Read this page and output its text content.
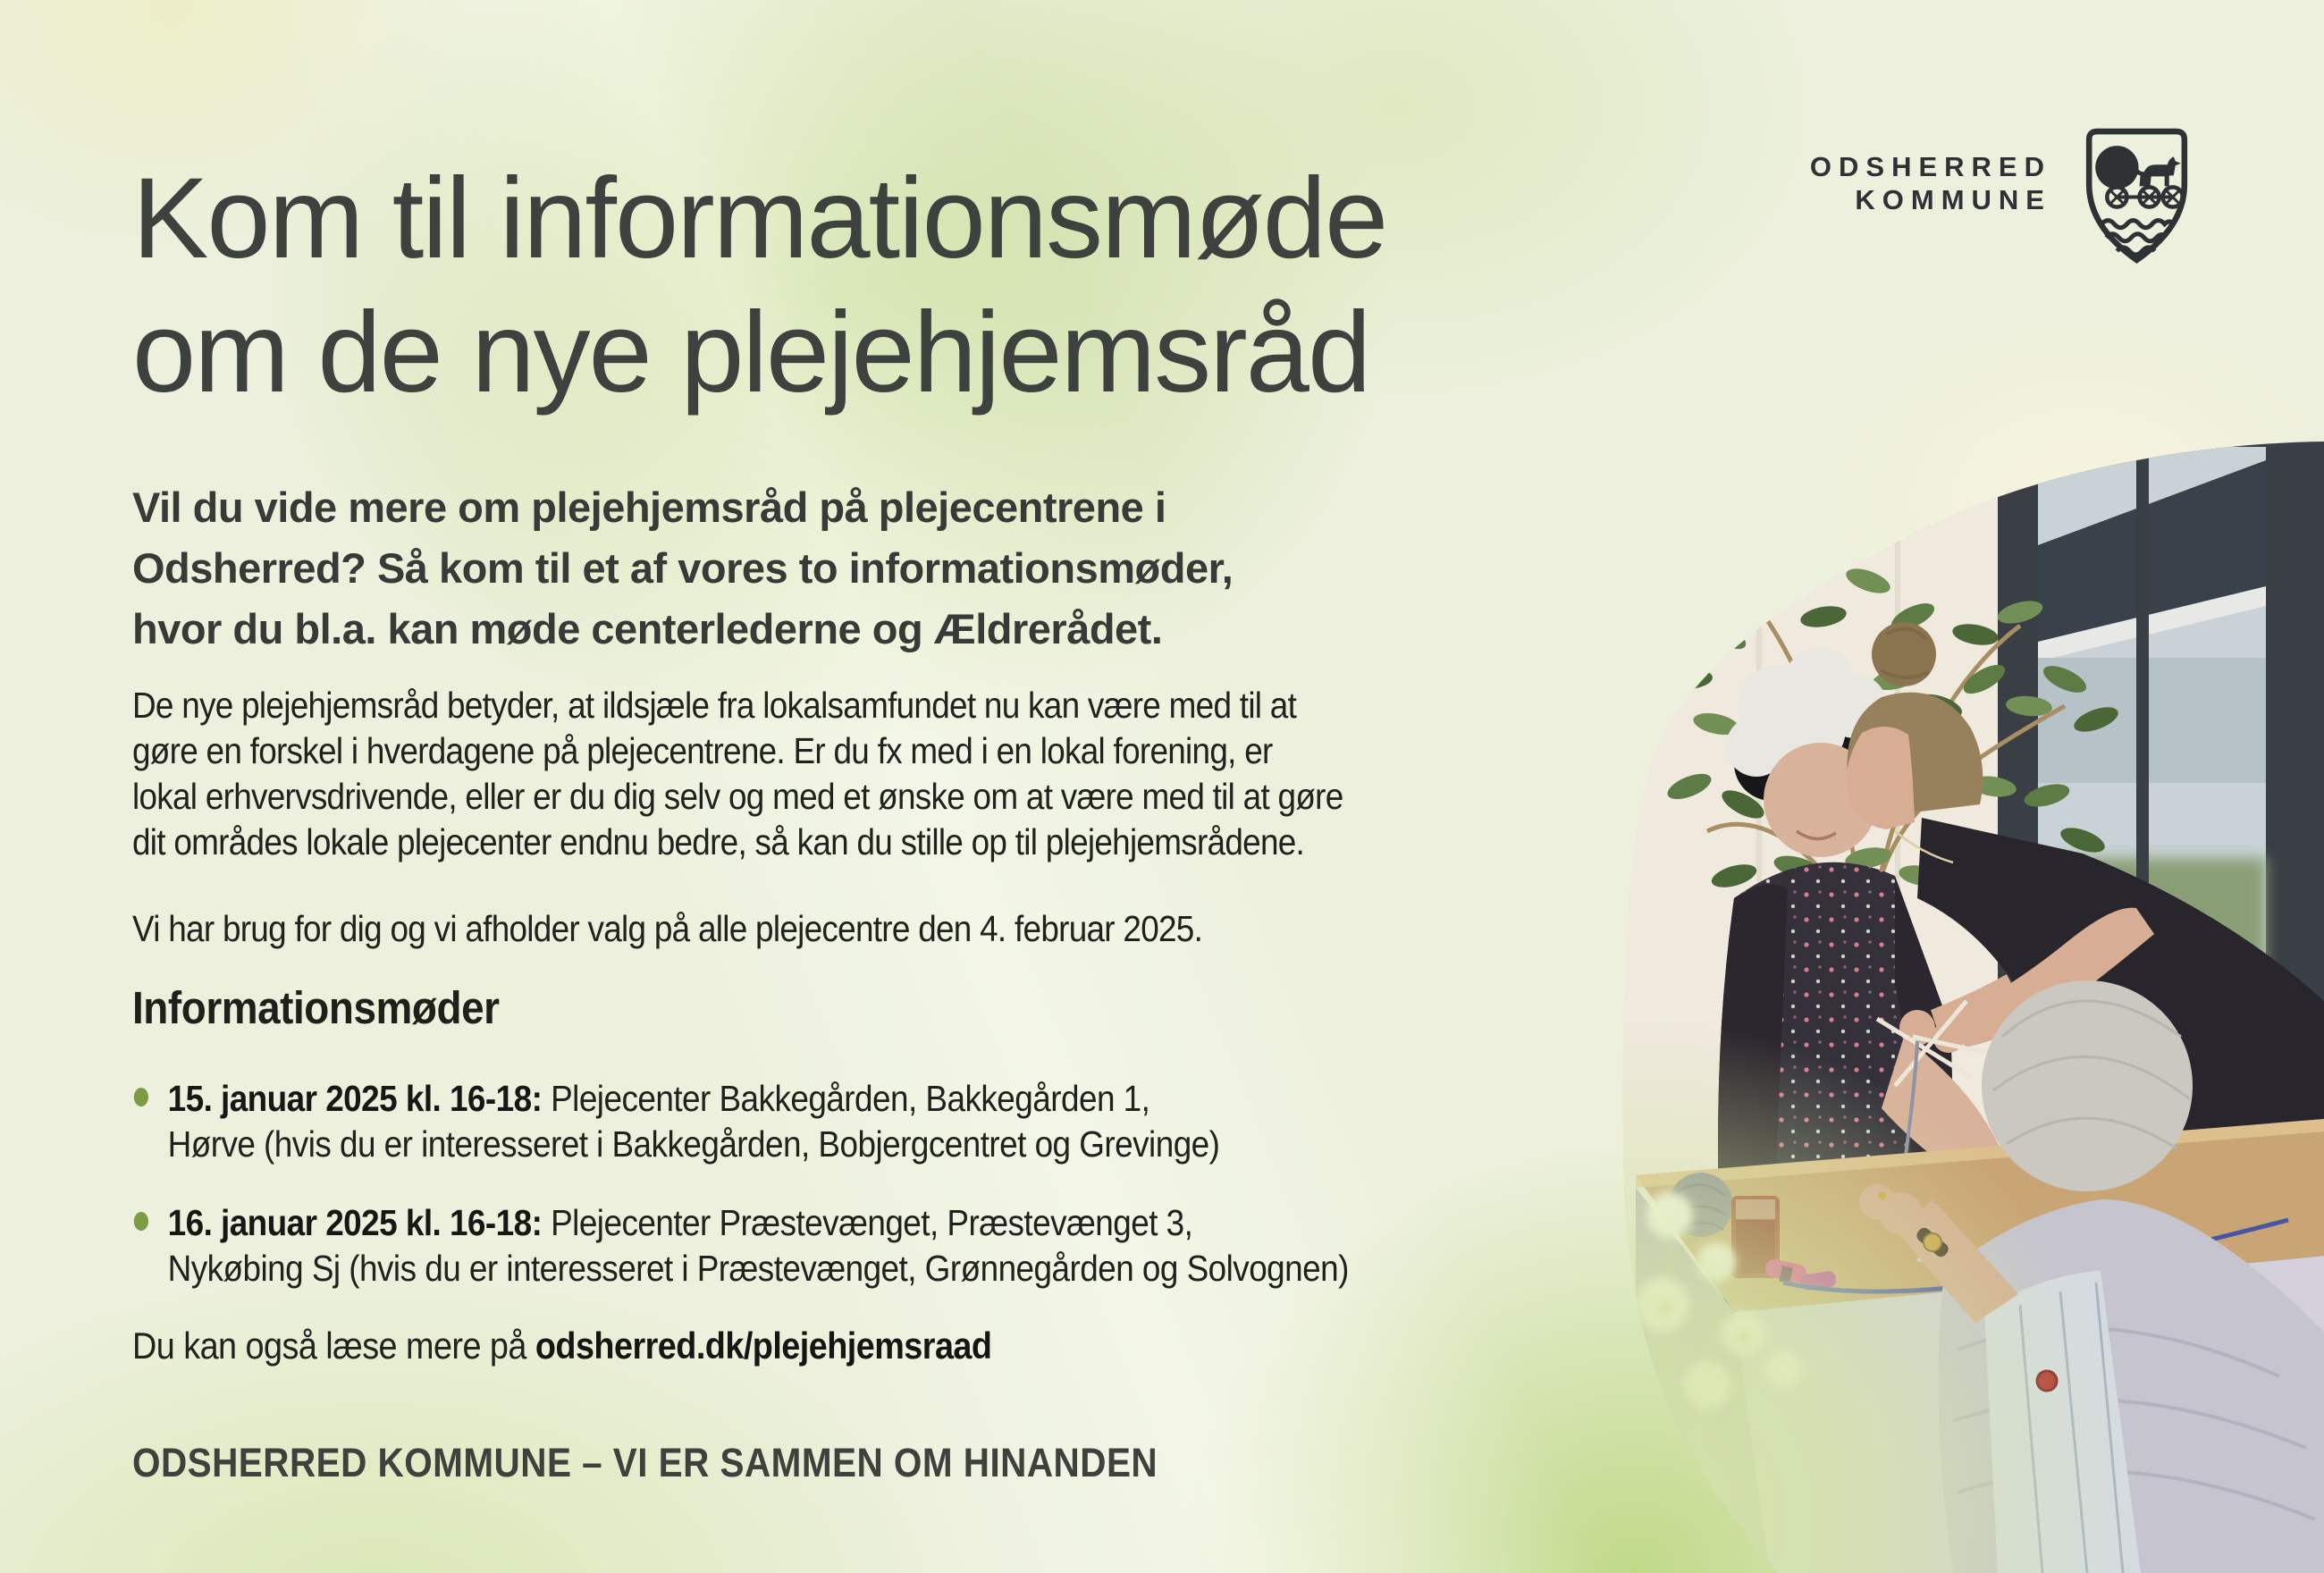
Kom til informationsmøde
om de nye plejehjemsråd
ODSHERRED
KOMMUNE

Vil du vide mere om plejehjemsråd på plejecentrene i
Odsherred? Så kom til et af vores to informationsmøder,
hvor du bl.a. kan møde centerlederne og Ældrerådet.

De nye plejehjemsråd betyder, at ildsjæle fra lokalsamfundet nu kan være med til at
gøre en forskel i hverdagene på plejecentrene. Er du fx med i en lokal forening, er
lokal erhvervsdrivende, eller er du dig selv og med et ønske om at være med til at gøre
dit områdes lokale plejecenter endnu bedre, så kan du stille op til plejehjemsrådene.

Vi har brug for dig og vi afholder valg på alle plejecentre den 4. februar 2025.

Informationsmøder
15. januar 2025 kl. 16-18: Plejecenter Bakkegården, Bakkegården 1,
Hørve (hvis du er interesseret i Bakkegården, Bobjergcentret og Grevinge)
16. januar 2025 kl. 16-18: Plejecenter Præstevænget, Præstevænget 3,
Nykøbing Sj (hvis du er interesseret i Præstevænget, Grønnegården og Solvognen)

Du kan også læse mere på odsherred.dk/plejehjemsraad

ODSHERRED KOMMUNE – VI ER SAMMEN OM HINANDEN
